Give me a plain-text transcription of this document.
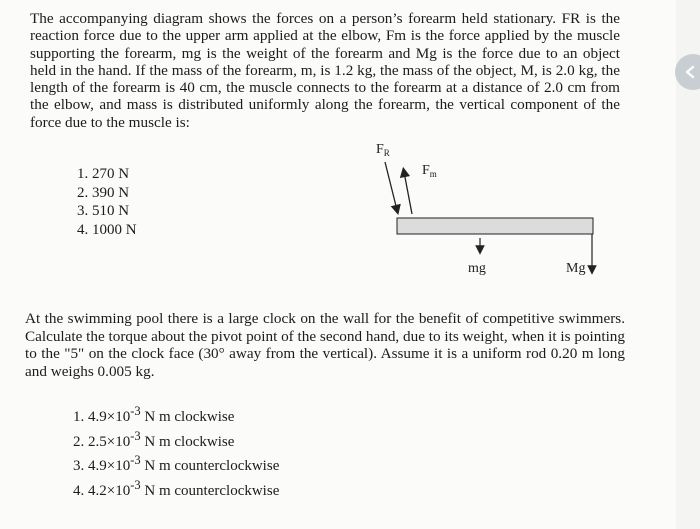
The accompanying diagram shows the forces on a person’s forearm held stationary. FR is the reaction force due to the upper arm applied at the elbow, Fm is the force applied by the muscle supporting the forearm, mg is the weight of the forearm and Mg is the force due to an object held in the hand. If the mass of the forearm, m, is 1.2 kg, the mass of the object, M, is 2.0 kg, the length of the forearm is 40 cm, the muscle connects to the forearm at a distance of 2.0 cm from the elbow, and mass is distributed uniformly along the forearm, the vertical component of the force due to the muscle is:
1. 270 N
2. 390 N
3. 510 N
4. 1000 N
$F_R$
$F_m$
mg	Mg
At the swimming pool there is a large clock on the wall for the benefit of competitive swimmers. Calculate the torque about the pivot point of the second hand, due to its weight, when it is pointing to the "5" on the clock face (30° away from the vertical). Assume it is a uniform rod 0.20 m long and weighs 0.005 kg.
1. $4.9\times 10^{-3}$ N m clockwise
2. $2.5\times 10^{-3}$ N m clockwise
3. $4.9\times 10^{-3}$ N m counterclockwise
4. $4.2\times 10^{-3}$ N m counterclockwise
